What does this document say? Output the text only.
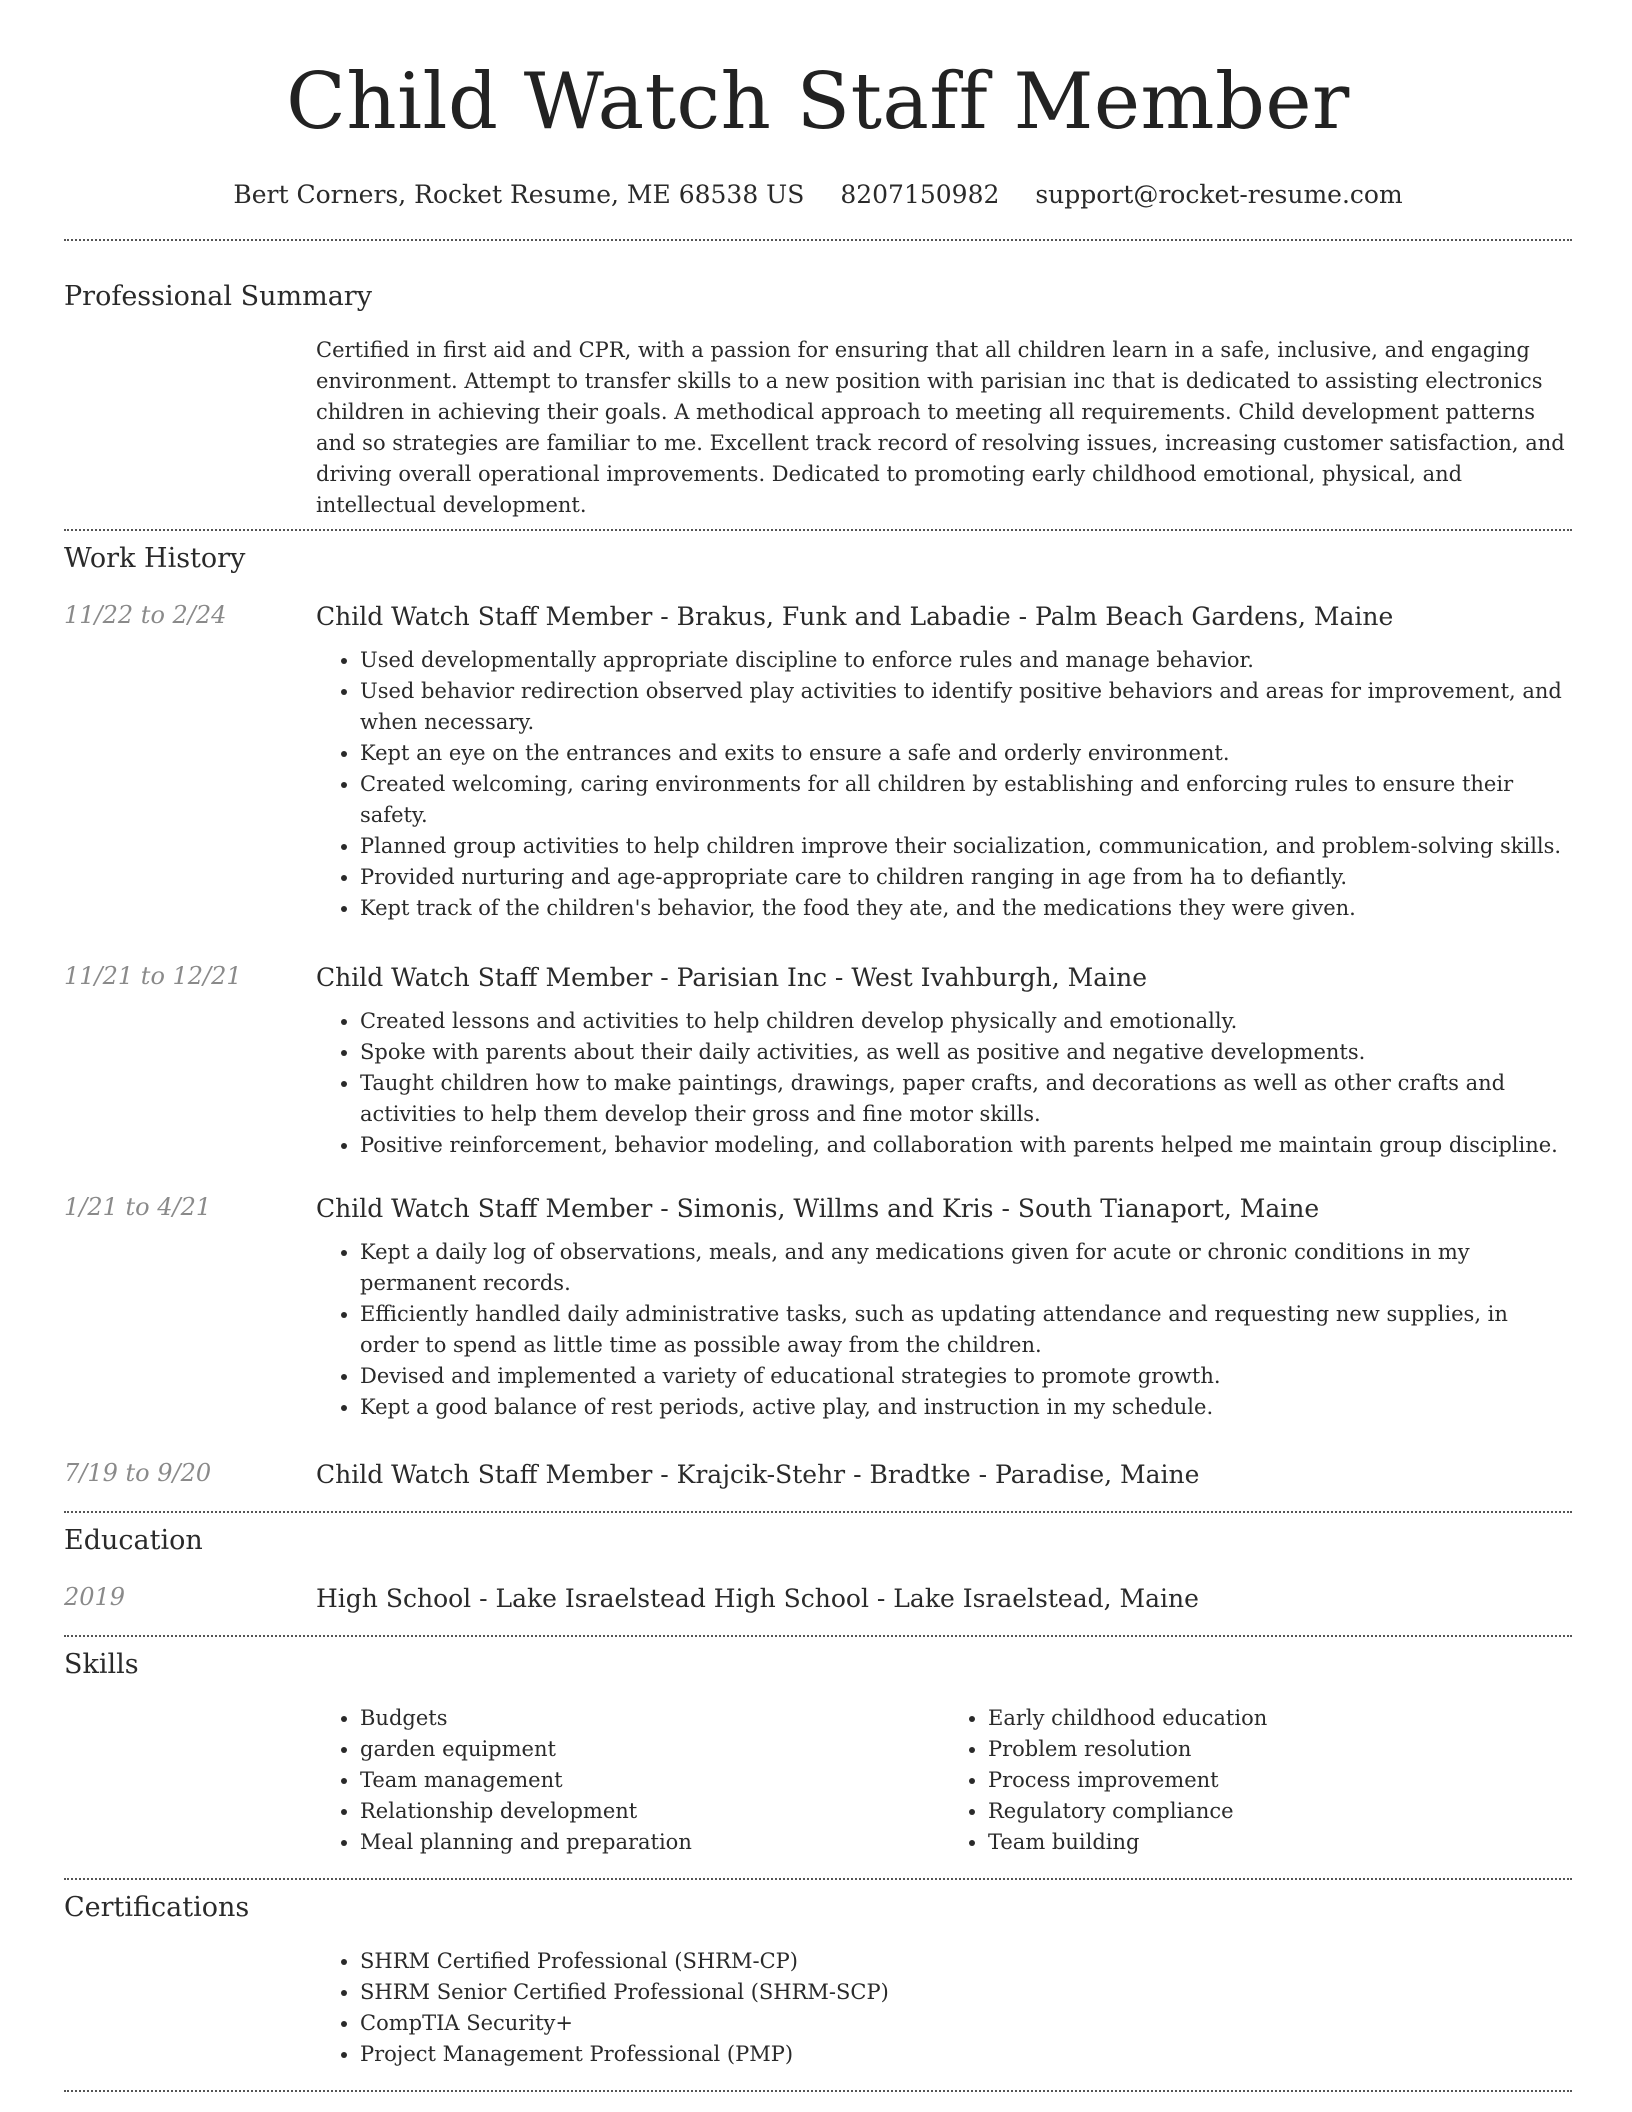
Child Watch Staff Member
Bert Corners, Rocket Resume, ME 68538 US 8207150982 support@rocket-resume.com
Professional Summary

Certified in first aid and CPR, with a passion for ensuring that all children learn in a safe, inclusive, and engaging environment. Attempt to transfer skills to a new position with parisian inc that is dedicated to assisting electronics children in achieving their goals. A methodical approach to meeting all requirements. Child development patterns and so strategies are familiar to me. Excellent track record of resolving issues, increasing customer satisfaction, and driving overall operational improvements. Dedicated to promoting early childhood emotional, physical, and intellectual development.

Work History
11/22 to 2/24	Child Watch Staff Member - Brakus, Funk and Labadie - Palm Beach Gardens, Maine
• Used developmentally appropriate discipline to enforce rules and manage behavior.
• Used behavior redirection observed play activities to identify positive behaviors and areas for improvement, and when necessary.
• Kept an eye on the entrances and exits to ensure a safe and orderly environment.
• Created welcoming, caring environments for all children by establishing and enforcing rules to ensure their safety.
• Planned group activities to help children improve their socialization, communication, and problem-solving skills.
• Provided nurturing and age-appropriate care to children ranging in age from ha to defiantly.
• Kept track of the children's behavior, the food they ate, and the medications they were given.
11/21 to 12/21	Child Watch Staff Member - Parisian Inc - West Ivahburgh, Maine
• Created lessons and activities to help children develop physically and emotionally.
• Spoke with parents about their daily activities, as well as positive and negative developments.
• Taught children how to make paintings, drawings, paper crafts, and decorations as well as other crafts and activities to help them develop their gross and fine motor skills.
• Positive reinforcement, behavior modeling, and collaboration with parents helped me maintain group discipline.
1/21 to 4/21	Child Watch Staff Member - Simonis, Willms and Kris - South Tianaport, Maine
• Kept a daily log of observations, meals, and any medications given for acute or chronic conditions in my permanent records.
• Efficiently handled daily administrative tasks, such as updating attendance and requesting new supplies, in order to spend as little time as possible away from the children.
• Devised and implemented a variety of educational strategies to promote growth.
• Kept a good balance of rest periods, active play, and instruction in my schedule.
7/19 to 9/20	Child Watch Staff Member - Krajcik-Stehr - Bradtke - Paradise, Maine
Education
2019	High School - Lake Israelstead High School - Lake Israelstead, Maine
Skills
• Budgets
• garden equipment
• Team management
• Relationship development
• Meal planning and preparation
• Early childhood education
• Problem resolution
• Process improvement
• Regulatory compliance
• Team building
Certifications
• SHRM Certified Professional (SHRM-CP)
• SHRM Senior Certified Professional (SHRM-SCP)
• CompTIA Security+
• Project Management Professional (PMP)
